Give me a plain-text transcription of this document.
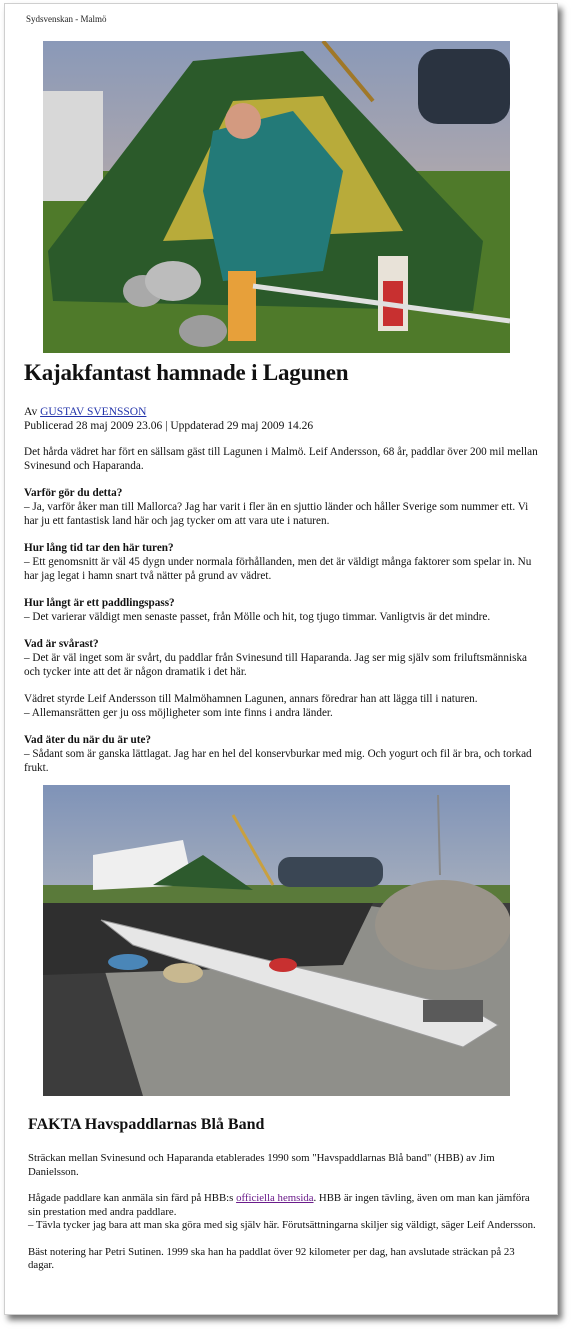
Sydsvenskan - Malmö
Kajakfantast hamnade i Lagunen
Av GUSTAV SVENSSON
Publicerad 28 maj 2009 23.06 | Uppdaterad 29 maj 2009 14.26

Det hårda vädret har fört en sällsam gäst till Lagunen i Malmö. Leif Andersson, 68 år, paddlar över 200 mil mellan Svinesund och Haparanda.

Varför gör du detta?
– Ja, varför åker man till Mallorca? Jag har varit i fler än en sjuttio länder och håller Sverige som nummer ett. Vi har ju ett fantastisk land här och jag tycker om att vara ute i naturen.

Hur lång tid tar den här turen?
– Ett genomsnitt är väl 45 dygn under normala förhållanden, men det är väldigt många faktorer som spelar in. Nu har jag legat i hamn snart två nätter på grund av vädret.

Hur långt är ett paddlingspass?
– Det varierar väldigt men senaste passet, från Mölle och hit, tog tjugo timmar. Vanligtvis är det mindre.

Vad är svårast?
– Det är väl inget som är svårt, du paddlar från Svinesund till Haparanda. Jag ser mig själv som friluftsmänniska och tycker inte att det är någon dramatik i det här.

Vädret styrde Leif Andersson till Malmöhamnen Lagunen, annars föredrar han att lägga till i naturen.
– Allemansrätten ger ju oss möjligheter som inte finns i andra länder.

Vad äter du när du är ute?
– Sådant som är ganska lättlagat. Jag har en hel del konservburkar med mig. Och yogurt och fil är bra, och torkad frukt.

FAKTA Havspaddlarnas Blå Band

Sträckan mellan Svinesund och Haparanda etablerades 1990 som "Havspaddlarnas Blå band" (HBB) av Jim Danielsson.

Hågade paddlare kan anmäla sin färd på HBB:s officiella hemsida. HBB är ingen tävling, även om man kan jämföra sin prestation med andra paddlare.
– Tävla tycker jag bara att man ska göra med sig själv här. Förutsättningarna skiljer sig väldigt, säger Leif Andersson.

Bäst notering har Petri Sutinen. 1999 ska han ha paddlat över 92 kilometer per dag, han avslutade sträckan på 23 dagar.
